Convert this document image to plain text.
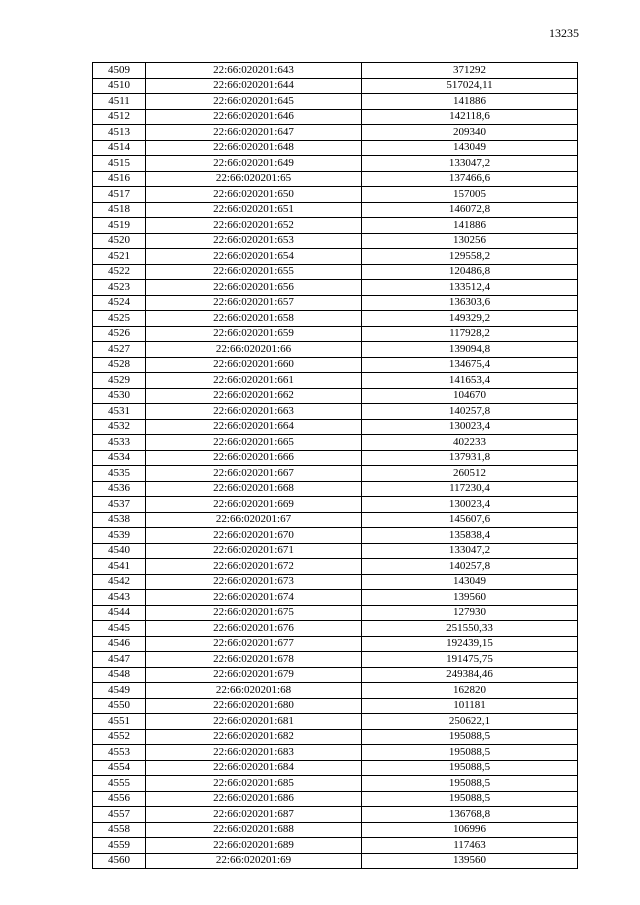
13235
4509	22:66:020201:643	371292
4510	22:66:020201:644	517024,11
4511	22:66:020201:645	141886
4512	22:66:020201:646	142118,6
4513	22:66:020201:647	209340
4514	22:66:020201:648	143049
4515	22:66:020201:649	133047,2
4516	22:66:020201:65	137466,6
4517	22:66:020201:650	157005
4518	22:66:020201:651	146072,8
4519	22:66:020201:652	141886
4520	22:66:020201:653	130256
4521	22:66:020201:654	129558,2
4522	22:66:020201:655	120486,8
4523	22:66:020201:656	133512,4
4524	22:66:020201:657	136303,6
4525	22:66:020201:658	149329,2
4526	22:66:020201:659	117928,2
4527	22:66:020201:66	139094,8
4528	22:66:020201:660	134675,4
4529	22:66:020201:661	141653,4
4530	22:66:020201:662	104670
4531	22:66:020201:663	140257,8
4532	22:66:020201:664	130023,4
4533	22:66:020201:665	402233
4534	22:66:020201:666	137931,8
4535	22:66:020201:667	260512
4536	22:66:020201:668	117230,4
4537	22:66:020201:669	130023,4
4538	22:66:020201:67	145607,6
4539	22:66:020201:670	135838,4
4540	22:66:020201:671	133047,2
4541	22:66:020201:672	140257,8
4542	22:66:020201:673	143049
4543	22:66:020201:674	139560
4544	22:66:020201:675	127930
4545	22:66:020201:676	251550,33
4546	22:66:020201:677	192439,15
4547	22:66:020201:678	191475,75
4548	22:66:020201:679	249384,46
4549	22:66:020201:68	162820
4550	22:66:020201:680	101181
4551	22:66:020201:681	250622,1
4552	22:66:020201:682	195088,5
4553	22:66:020201:683	195088,5
4554	22:66:020201:684	195088,5
4555	22:66:020201:685	195088,5
4556	22:66:020201:686	195088,5
4557	22:66:020201:687	136768,8
4558	22:66:020201:688	106996
4559	22:66:020201:689	117463
4560	22:66:020201:69	139560
